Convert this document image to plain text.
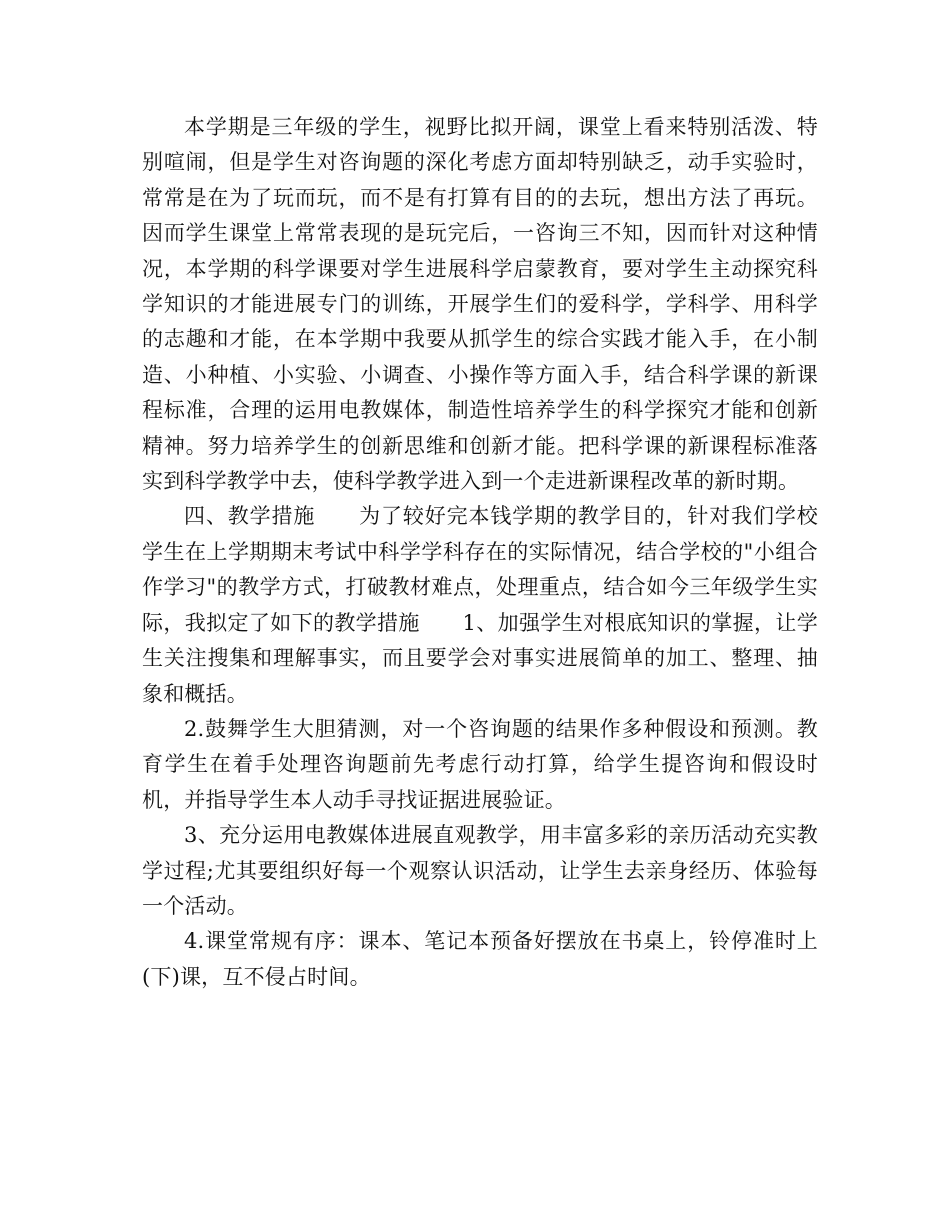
本学期是三年级的学生，视野比拟开阔，课堂上看来特别活泼、特别喧闹，但是学生对咨询题的深化考虑方面却特别缺乏，动手实验时，常常是在为了玩而玩，而不是有打算有目的的去玩，想出方法了再玩。因而学生课堂上常常表现的是玩完后，一咨询三不知，因而针对这种情况，本学期的科学课要对学生进展科学启蒙教育，要对学生主动探究科学知识的才能进展专门的训练，开展学生们的爱科学，学科学、用科学的志趣和才能，在本学期中我要从抓学生的综合实践才能入手，在小制造、小种植、小实验、小调查、小操作等方面入手，结合科学课的新课程标准，合理的运用电教媒体，制造性培养学生的科学探究才能和创新精神。努力培养学生的创新思维和创新才能。把科学课的新课程标准落实到科学教学中去，使科学教学进入到一个走进新课程改革的新时期。

四、教学措施　　为了较好完本钱学期的教学目的，针对我们学校学生在上学期期末考试中科学学科存在的实际情况，结合学校的"小组合作学习"的教学方式，打破教材难点，处理重点，结合如今三年级学生实际，我拟定了如下的教学措施　　1、加强学生对根底知识的掌握，让学生关注搜集和理解事实，而且要学会对事实进展简单的加工、整理、抽象和概括。

2.鼓舞学生大胆猜测，对一个咨询题的结果作多种假设和预测。教育学生在着手处理咨询题前先考虑行动打算，给学生提咨询和假设时机，并指导学生本人动手寻找证据进展验证。

3、充分运用电教媒体进展直观教学，用丰富多彩的亲历活动充实教学过程;尤其要组织好每一个观察认识活动，让学生去亲身经历、体验每一个活动。

4.课堂常规有序：课本、笔记本预备好摆放在书桌上，铃停准时上(下)课，互不侵占时间。
